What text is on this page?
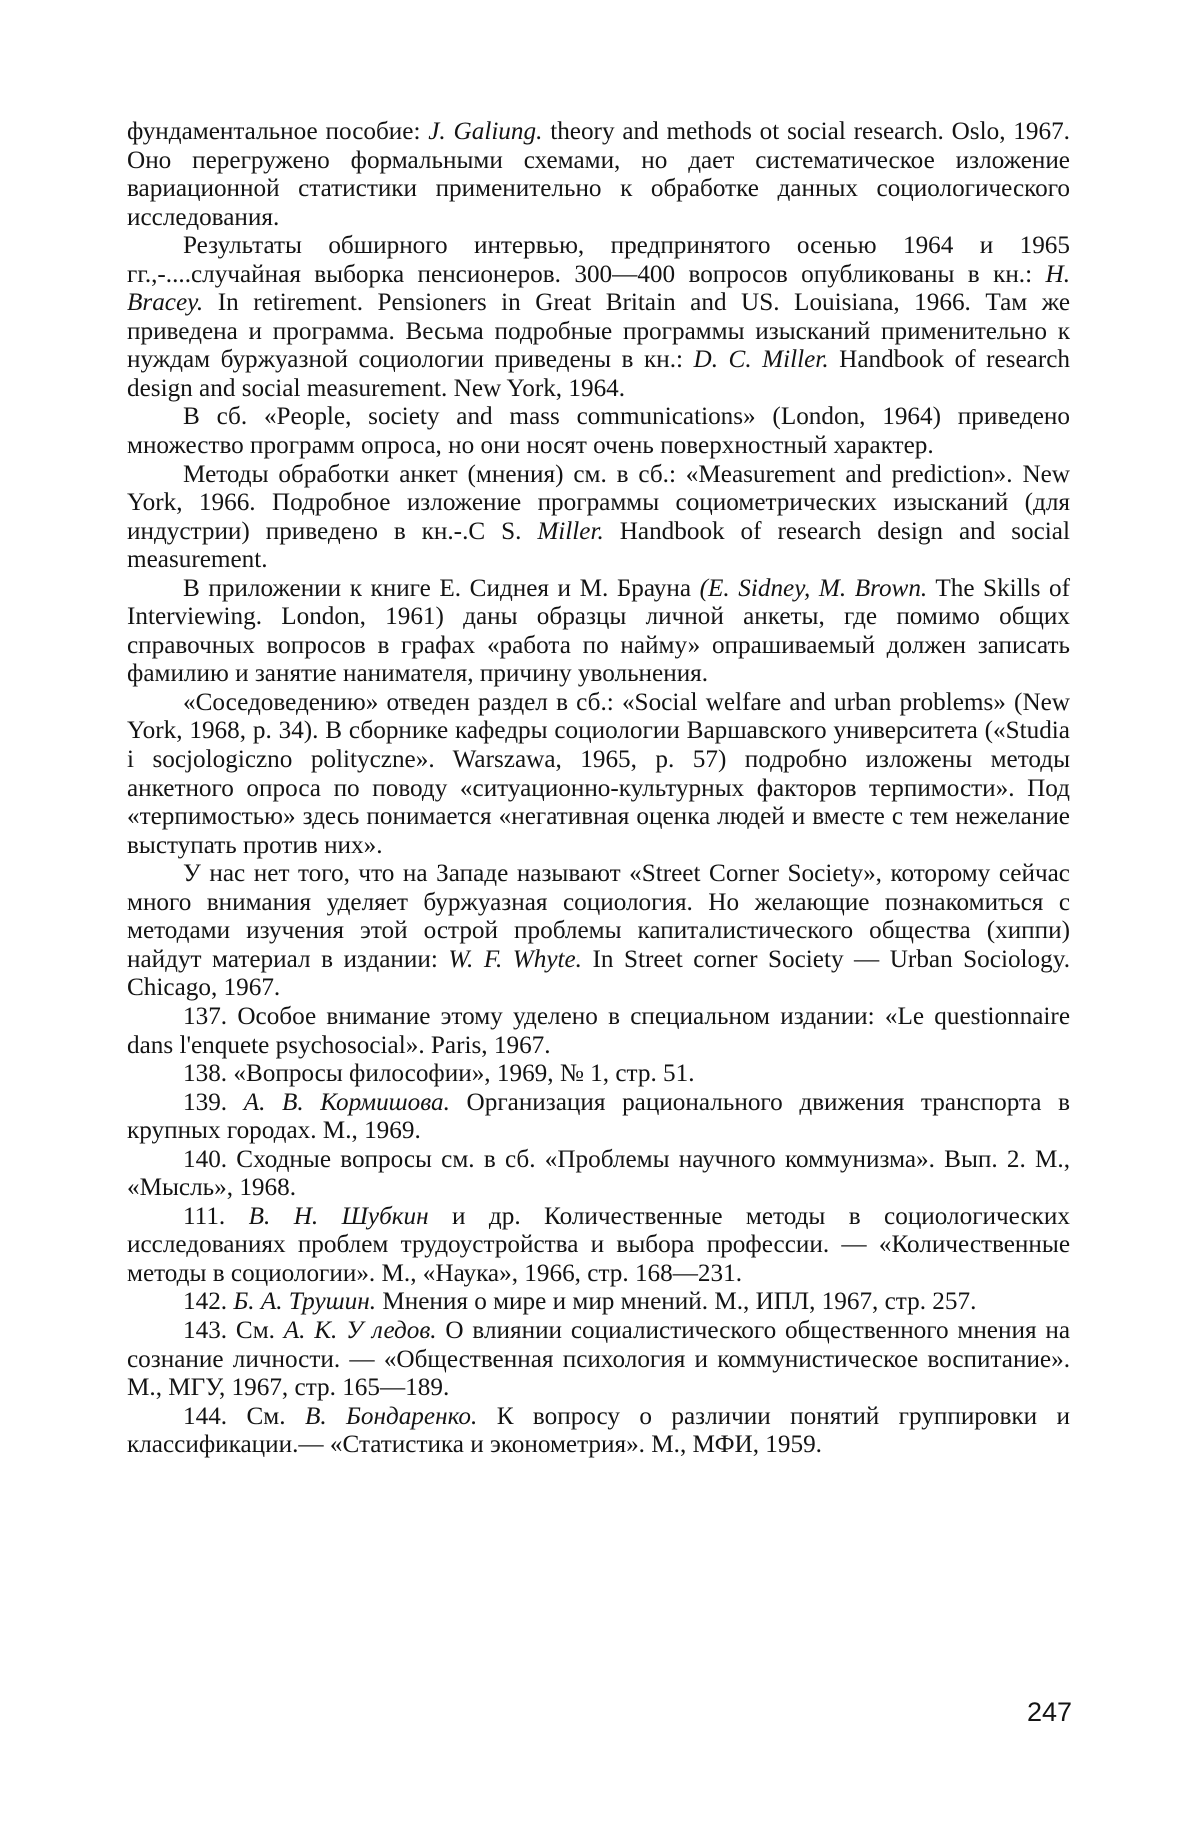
фундаментальное пособие: J. Galiung. theory and methods ot social research. Oslo, 1967. Оно перегружено формальными схемами, но дает систематическое изложение вариационной статистики применительно к обработке данных социологического исследования.

Результаты обширного интервью, предпринятого осенью 1964 и 1965 гг.,-....случайная выборка пенсионеров. 300—400 вопросов опубликованы в кн.: H. Bracey. In retirement. Pensioners in Great Britain and US. Louisiana, 1966. Там же приведена и программа. Весьма подробные программы изысканий применительно к нуждам буржуазной социологии приведены в кн.: D. С. Miller. Handbook of research design and social measurement. New York, 1964.

В сб. «People, society and mass communications» (London, 1964) приведено множество программ опроса, но они носят очень поверхностный характер.

Методы обработки анкет (мнения) см. в сб.: «Measurement and prediction». New York, 1966. Подробное изложение программы социометрических изысканий (для индустрии) приведено в кн.-.С S. Miller. Handbook of research design and social measurement.

В приложении к книге Е. Сиднея и М. Брауна (E. Sidney, M. Brown. The Skills of Interviewing. London, 1961) даны образцы личной анкеты, где помимо общих справочных вопросов в графах «работа по найму» опрашиваемый должен записать фамилию и занятие нанимателя, причину увольнения.

«Соседоведению» отведен раздел в сб.: «Social welfare and urban problems» (New York, 1968, p. 34). В сборнике кафедры социологии Варшавского университета («Studia i socjologiczno polityczne». Warszawa, 1965, p. 57) подробно изложены методы анкетного опроса по поводу «ситуационно-культурных факторов терпимости». Под «терпимостью» здесь понимается «негативная оценка людей и вместе с тем нежелание выступать против них».

У нас нет того, что на Западе называют «Street Corner Society», которому сейчас много внимания уделяет буржуазная социология. Но желающие познакомиться с методами изучения этой острой проблемы капиталистического общества (хиппи) найдут материал в издании: W. F. Whyte. In Street corner Society — Urban Sociology. Chicago, 1967.

137. Особое внимание этому уделено в специальном издании: «Le questionnaire dans l'enquete psychosocial». Paris, 1967.

138. «Вопросы философии», 1969, № 1, стр. 51.

139. А. В. Кормишова. Организация рационального движения транспорта в крупных городах. М., 1969.

140. Сходные вопросы см. в сб. «Проблемы научного коммунизма». Вып. 2. М., «Мысль», 1968.

111. В. Н. Шубкин и др. Количественные методы в социологических исследованиях проблем трудоустройства и выбора профессии. — «Количественные методы в социологии». М., «Наука», 1966, стр. 168—231.

142. Б. А. Трушин. Мнения о мире и мир мнений. М., ИПЛ, 1967, стр. 257.

143. См. А. К. У ледов. О влиянии социалистического общественного мнения на сознание личности. — «Общественная психология и коммунистическое воспитание». М., МГУ, 1967, стр. 165—189.

144. См. В. Бондаренко. К вопросу о различии понятий группировки и классификации.— «Статистика и эконометрия». М., МФИ, 1959.

247
